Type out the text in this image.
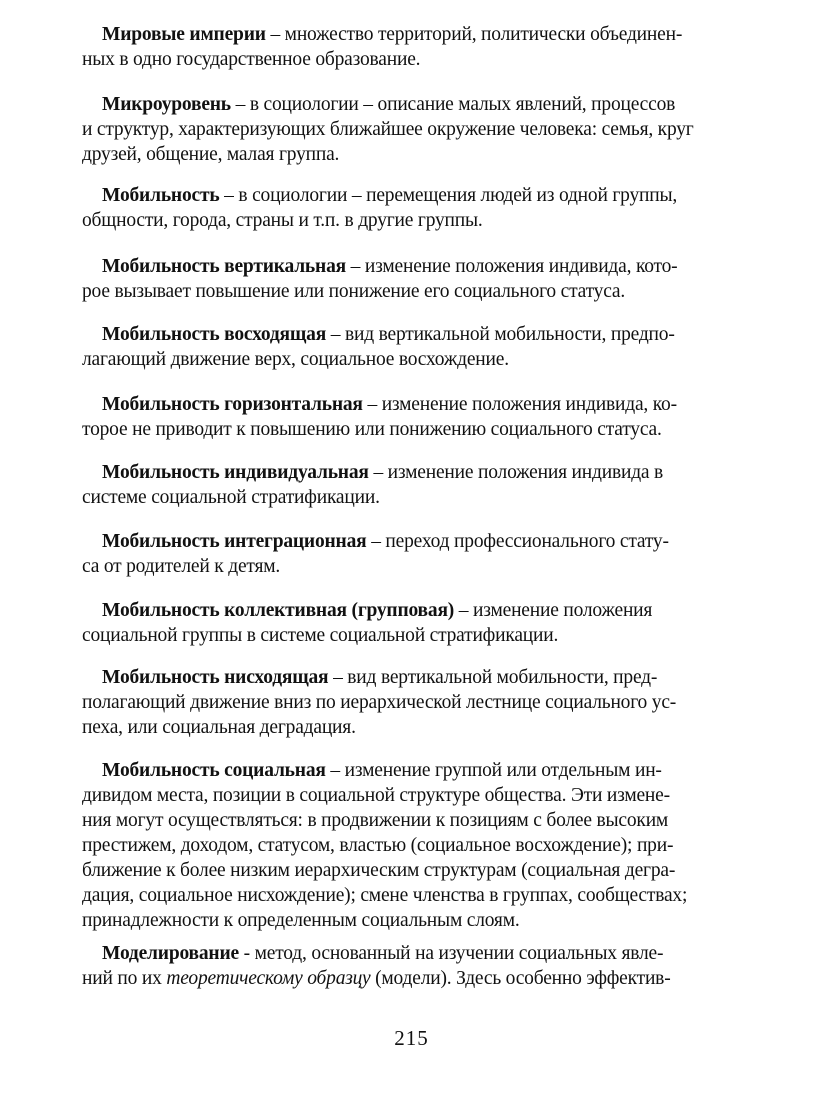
Мировые империи – множество территорий, политически объединен-
ных в одно государственное образование.
Микроуровень – в социологии – описание малых явлений, процессов
и структур, характеризующих ближайшее окружение человека: семья, круг
друзей, общение, малая группа.
Мобильность – в социологии – перемещения людей из одной группы,
общности, города, страны и т.п. в другие группы.
Мобильность вертикальная – изменение положения индивида, кото-
рое вызывает повышение или понижение его социального статуса.
Мобильность восходящая – вид вертикальной мобильности, предпо-
лагающий движение верх, социальное восхождение.
Мобильность горизонтальная – изменение положения индивида, ко-
торое не приводит к повышению или понижению социального статуса.
Мобильность индивидуальная – изменение положения индивида в
системе социальной стратификации.
Мобильность интеграционная – переход профессионального стату-
са от родителей к детям.
Мобильность коллективная (групповая) – изменение положения
социальной группы в системе социальной стратификации.
Мобильность нисходящая – вид вертикальной мобильности, пред-
полагающий движение вниз по иерархической лестнице социального ус-
пеха, или социальная деградация.
Мобильность социальная – изменение группой или отдельным ин-
дивидом места, позиции в социальной структуре общества. Эти измене-
ния могут осуществляться: в продвижении к позициям с более высоким
престижем, доходом, статусом, властью (социальное восхождение); при-
ближение к более низким иерархическим структурам (социальная дегра-
дация, социальное нисхождение); смене членства в группах, сообществах;
принадлежности к определенным социальным слоям.
Моделирование - метод, основанный на изучении социальных явле-
ний по их теоретическому образцу (модели). Здесь особенно эффектив-
215
